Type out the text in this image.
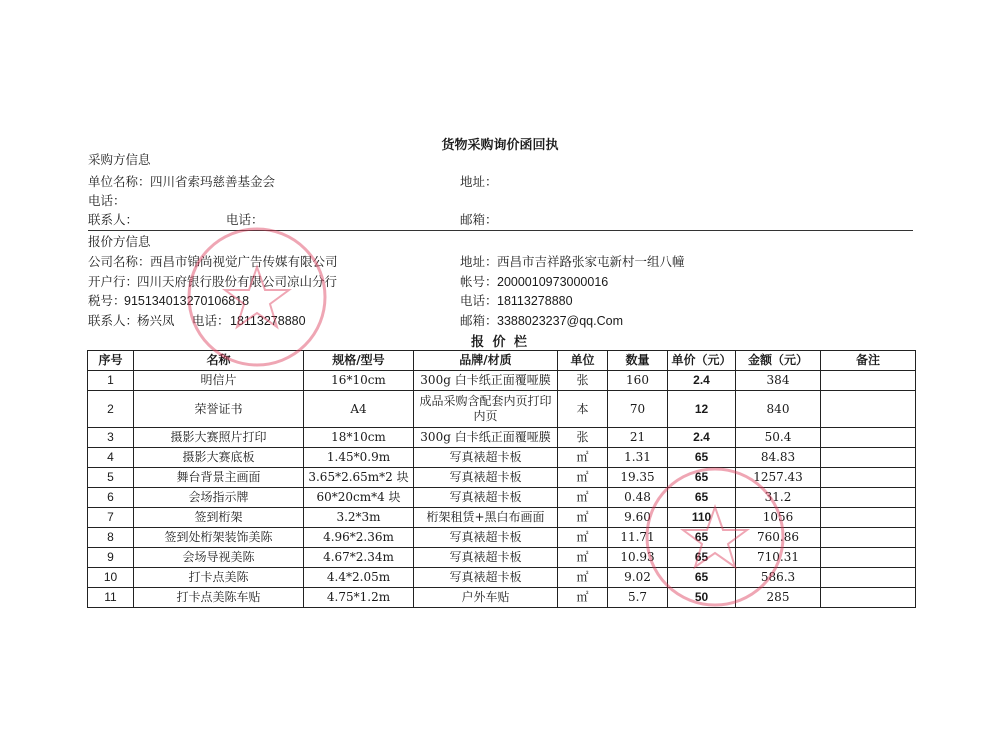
货物采购询价函回执
采购方信息
单位名称： 四川省索玛慈善基金会	地址：
电话：
联系人：	电话：	邮箱：
报价方信息
公司名称： 西昌市锦尚视觉广告传媒有限公司	地址： 西昌市吉祥路张家屯新村一组八幢
开户行：
四川天府银行股份有限公司凉山分行	帐号： 2000010973000016
税号：
915134013270106818	电话： 18113278880
联系人：
杨兴凤 电话： 18113278880	邮箱： 3388023237@qq.Com
报 价 栏
序号	名称	规格/型号	品牌/材质	单位	数量	单价（元）	金额（元）	备注
1	明信片	16*10cm	300g 白卡纸正面覆哑膜	张	160	2.4	384	
2	荣誉证书	A4	成品采购含配套内页打印内页	本	70	12	840	
3	摄影大赛照片打印	18*10cm	300g 白卡纸正面覆哑膜	张	21	2.4	50.4	
4	摄影大赛底板	1.45*0.9m	写真裱超卡板	㎡	1.31	65	84.83	
5	舞台背景主画面	3.65*2.65m*2 块	写真裱超卡板	㎡	19.35	65	1257.43	
6	会场指示牌	60*20cm*4 块	写真裱超卡板	㎡	0.48	65	31.2	
7	签到桁架	3.2*3m	桁架租赁+黑白布画面	㎡	9.60	110	1056	
8	签到处桁架装饰美陈	4.96*2.36m	写真裱超卡板	㎡	11.71	65	760.86	
9	会场导视美陈	4.67*2.34m	写真裱超卡板	㎡	10.93	65	710.31	
10	打卡点美陈	4.4*2.05m	写真裱超卡板	㎡	9.02	65	586.3	
11	打卡点美陈车贴	4.75*1.2m	户外车贴	㎡	5.7	50	285	
